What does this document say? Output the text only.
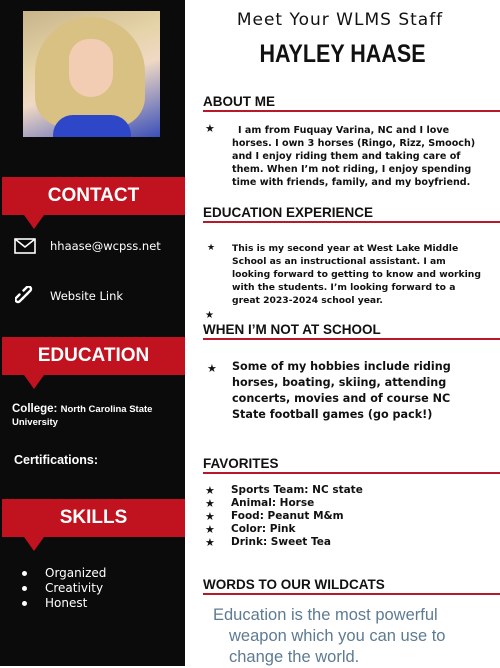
CONTACT
hhaase@wcpss.net
Website Link
EDUCATION
College: North Carolina State University
Certifications:
SKILLS
Organized
Creativity
Honest
Meet Your WLMS Staff
HAYLEY HAASE
ABOUT ME
★	I am from Fuquay Varina, NC and I love horses. I own 3 horses (Ringo, Rizz, Smooch) and I enjoy riding them and taking care of them. When I’m not riding, I enjoy spending time with friends, family, and my boyfriend.
EDUCATION EXPERIENCE
★ This is my second year at West Lake Middle School as an instructional assistant. I am looking forward to getting to know and working with the students. I’m looking forward to a great 2023-2024 school year.
★
WHEN I’M NOT AT SCHOOL
★ Some of my hobbies include riding horses, boating, skiing, attending concerts, movies and of course NC State football games (go pack!)
FAVORITES
★	Sports Team: NC state
★	Animal: Horse
★	Food: Peanut M&m
★	Color: Pink
★	Drink: Sweet Tea
WORDS TO OUR WILDCATS
Education is the most powerful
weapon which you can use to
change the world.
